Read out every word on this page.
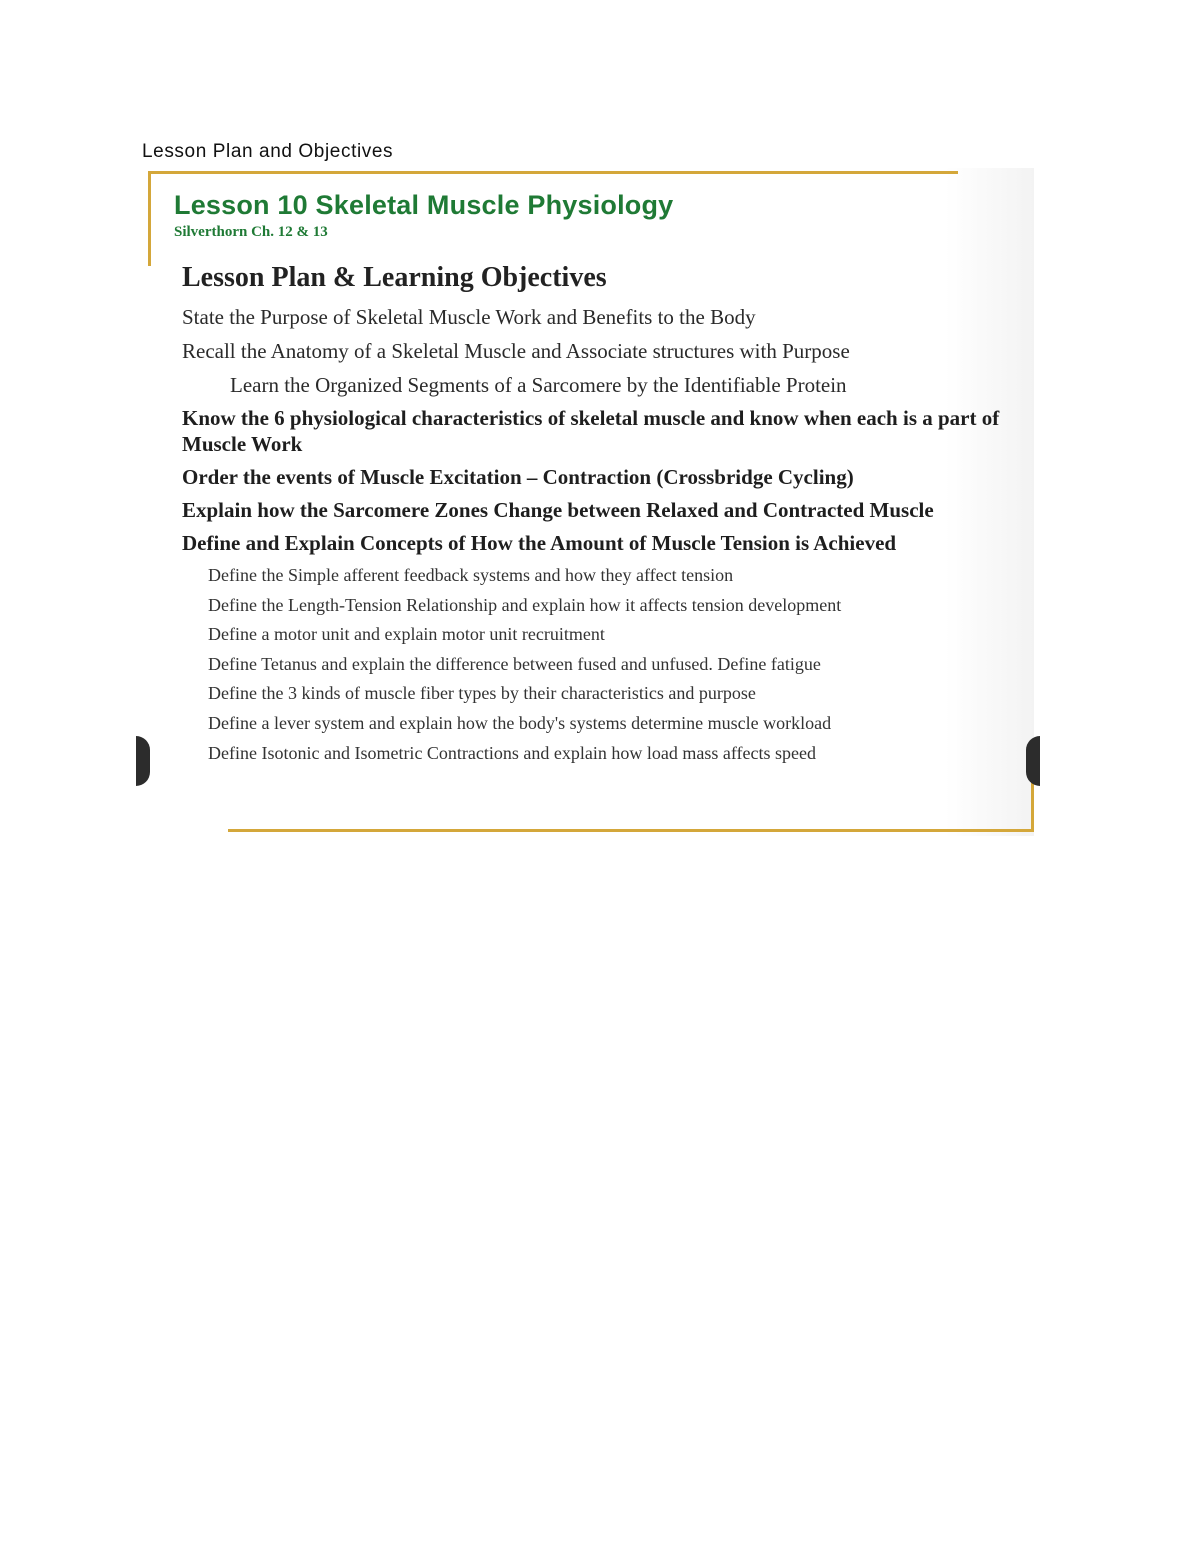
Lesson Plan and Objectives
Lesson 10 Skeletal Muscle Physiology
Silverthorn Ch. 12 & 13
Lesson Plan & Learning Objectives
State the Purpose of Skeletal Muscle Work and Benefits to the Body
Recall the Anatomy of a Skeletal Muscle and Associate structures with Purpose
Learn the Organized Segments of a Sarcomere by the Identifiable Protein
Know the 6 physiological characteristics of skeletal muscle and know when each is a part of Muscle Work
Order the events of Muscle Excitation – Contraction (Crossbridge Cycling)
Explain how the Sarcomere Zones Change between Relaxed and Contracted Muscle
Define and Explain Concepts of How the Amount of Muscle Tension is Achieved
Define the Simple afferent feedback systems and how they affect tension
Define the Length-Tension Relationship and explain how it affects tension development
Define a motor unit and explain motor unit recruitment
Define Tetanus and explain the difference between fused and unfused. Define fatigue
Define the 3 kinds of muscle fiber types by their characteristics and purpose
Define a lever system and explain how the body's systems determine muscle workload
Define Isotonic and Isometric Contractions and explain how load mass affects speed
